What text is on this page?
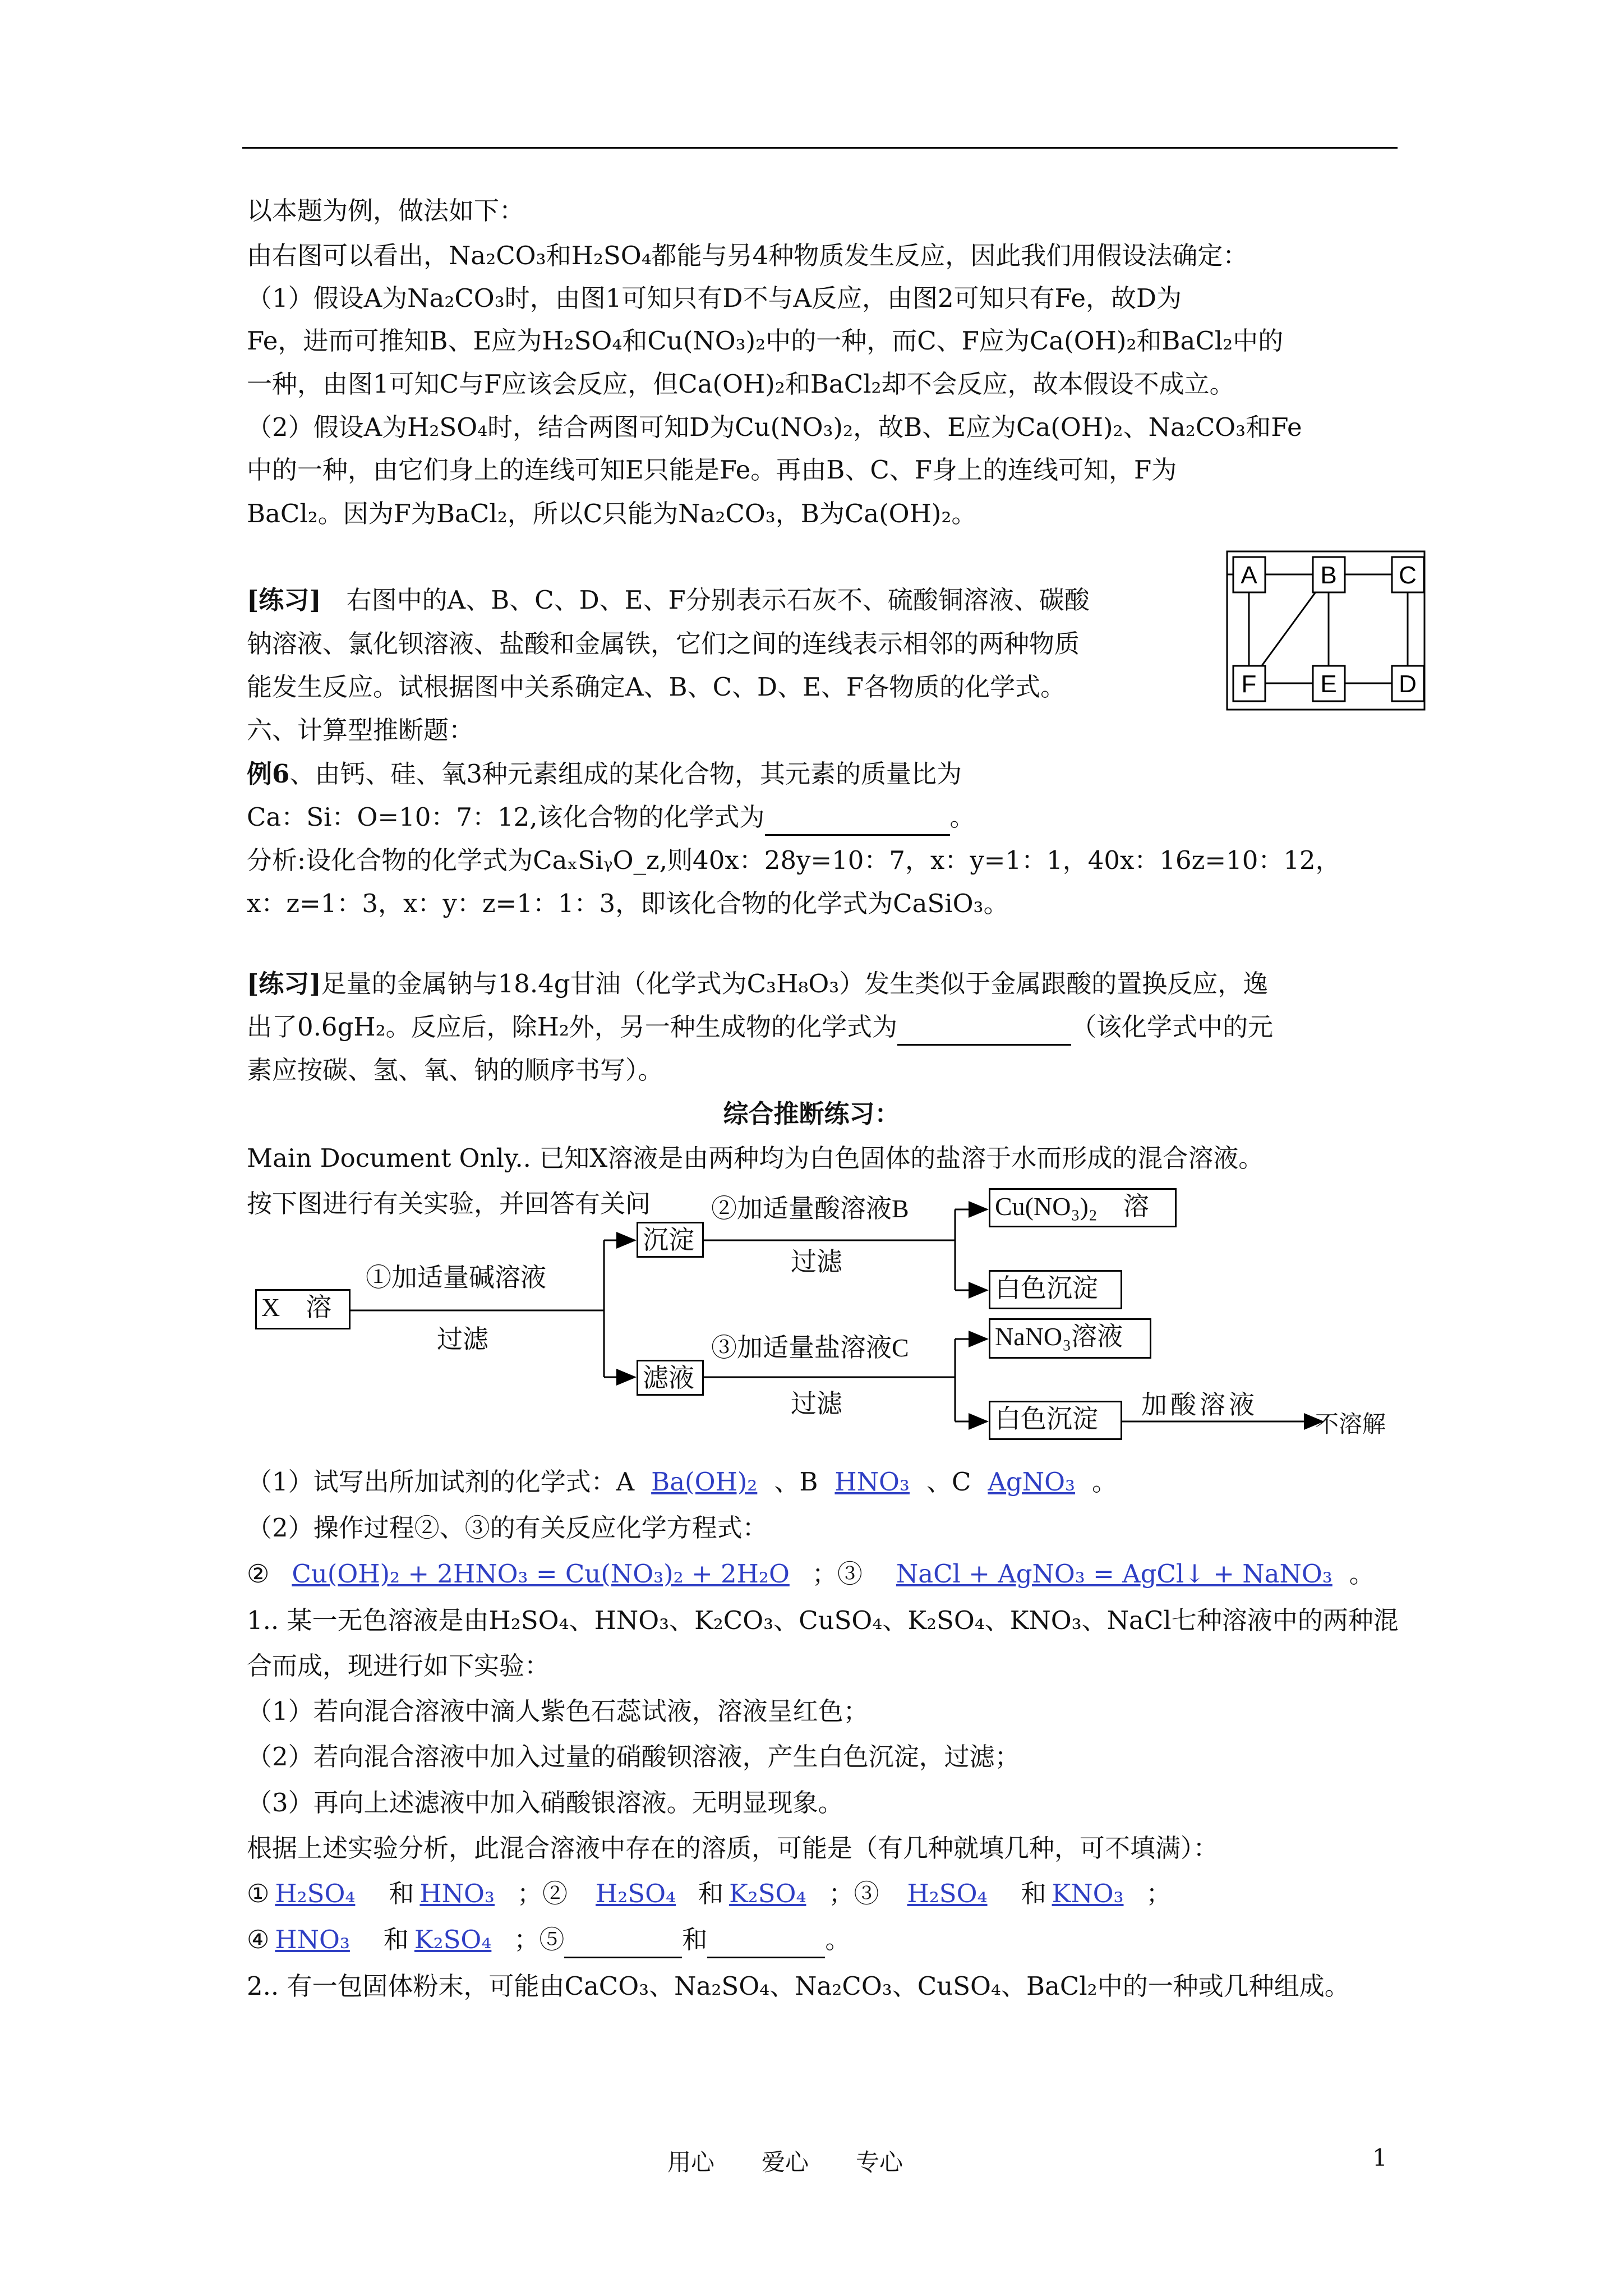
以本题为例，做法如下：
由右图可以看出，Na₂CO₃和H₂SO₄都能与另4种物质发生反应，因此我们用假设法确定：
（1）假设A为Na₂CO₃时，由图1可知只有D不与A反应，由图2可知只有Fe，故D为
Fe，进而可推知B、E应为H₂SO₄和Cu(NO₃)₂中的一种，而C、F应为Ca(OH)₂和BaCl₂中的
一种，由图1可知C与F应该会反应，但Ca(OH)₂和BaCl₂却不会反应，故本假设不成立。
（2）假设A为H₂SO₄时，结合两图可知D为Cu(NO₃)₂，故B、E应为Ca(OH)₂、Na₂CO₃和Fe
中的一种，由它们身上的连线可知E只能是Fe。再由B、C、F身上的连线可知，F为
BaCl₂。因为F为BaCl₂，所以C只能为Na₂CO₃，B为Ca(OH)₂。
[练习]　 右图中的A、B、C、D、E、F分别表示石灰不、硫酸铜溶液、碳酸
钠溶液、氯化钡溶液、盐酸和金属铁，它们之间的连线表示相邻的两种物质
能发生反应。试根据图中关系确定A、B、C、D、E、F各物质的化学式。
A	B	C
F	E	D
六、计算型推断题：
例6、由钙、硅、氧3种元素组成的某化合物，其元素的质量比为
Ca：Si：O=10：7：12,该化合物的化学式为	。
分析:设化合物的化学式为CaₓSiᵧO_z,则40x：28y=10：7，x：y=1：1，40x：16z=10：12，
x：z=1：3，x：y：z=1：1：3，即该化合物的化学式为CaSiO₃。
[练习]足量的金属钠与18.4g甘油（化学式为C₃H₈O₃）发生类似于金属跟酸的置换反应，逸
出了0.6gH₂。反应后，除H₂外，另一种生成物的化学式为	（该化学式中的元
素应按碳、氢、氧、钠的顺序书写）。
综合推断练习：
Main Document Only.. 已知X溶液是由两种均为白色固体的盐溶于水而形成的混合溶液。
按下图进行有关实验，并回答有关问
X　溶
①加适量碱溶液
过滤
沉淀
滤液
②加适量酸溶液B
过滤
③加适量盐溶液C
过滤
Cu(NO₃)₂　溶
白色沉淀
NaNO₃溶液
白色沉淀	加酸溶液
不溶解
（1）试写出所加试剂的化学式：A Ba(OH)₂ 、B HNO₃ 、C AgNO₃ 。
（2）操作过程②、③的有关反应化学方程式：
② Cu(OH)₂ + 2HNO₃ = Cu(NO₃)₂ + 2H₂O ；③ NaCl + AgNO₃ = AgCl↓ + NaNO₃ 。
1.. 某一无色溶液是由H₂SO₄、HNO₃、K₂CO₃、CuSO₄、K₂SO₄、KNO₃、NaCl七种溶液中的两种混
合而成，现进行如下实验：
（1）若向混合溶液中滴人紫色石蕊试液，溶液呈红色；
（2）若向混合溶液中加入过量的硝酸钡溶液，产生白色沉淀，过滤；
（3）再向上述滤液中加入硝酸银溶液。无明显现象。
根据上述实验分析，此混合溶液中存在的溶质，可能是（有几种就填几种，可不填满）：
① H₂SO₄ 和 HNO₃ ；② H₂SO₄ 和 K₂SO₄ ；③ H₂SO₄ 和 KNO₃ ；
④ HNO₃ 和 K₂SO₄ ；⑤	和	。
2.. 有一包固体粉末，可能由CaCO₃、Na₂SO₄、Na₂CO₃、CuSO₄、BaCl₂中的一种或几种组成。
用心　　爱心　　专心	1
